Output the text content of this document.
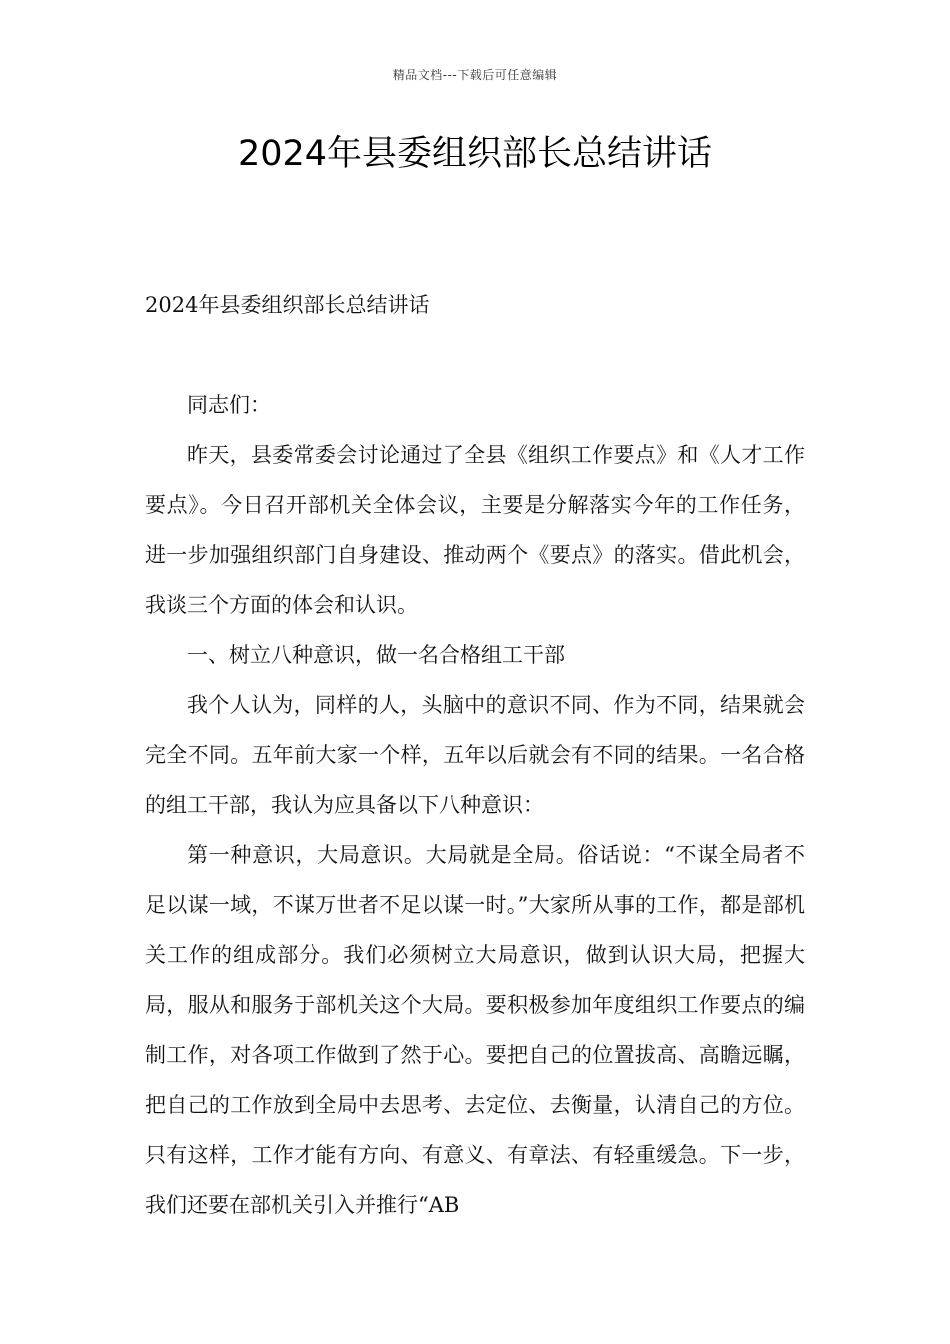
精品文档---下载后可任意编辑
2024年县委组织部长总结讲话

2024年县委组织部长总结讲话

同志们：

昨天，县委常委会讨论通过了全县《组织工作要点》和《人才工作要点》。今日召开部机关全体会议，主要是分解落实今年的工作任务，进一步加强组织部门自身建设、推动两个《要点》的落实。借此机会，我谈三个方面的体会和认识。

一、树立八种意识，做一名合格组工干部

我个人认为，同样的人，头脑中的意识不同、作为不同，结果就会完全不同。五年前大家一个样，五年以后就会有不同的结果。一名合格的组工干部，我认为应具备以下八种意识：

第一种意识，大局意识。大局就是全局。俗话说：“不谋全局者不足以谋一域，不谋万世者不足以谋一时。”大家所从事的工作，都是部机关工作的组成部分。我们必须树立大局意识，做到认识大局，把握大局，服从和服务于部机关这个大局。要积极参加年度组织工作要点的编制工作，对各项工作做到了然于心。要把自己的位置拔高、高瞻远瞩，把自己的工作放到全局中去思考、去定位、去衡量，认清自己的方位。只有这样，工作才能有方向、有意义、有章法、有轻重缓急。下一步，我们还要在部机关引入并推行“AB
